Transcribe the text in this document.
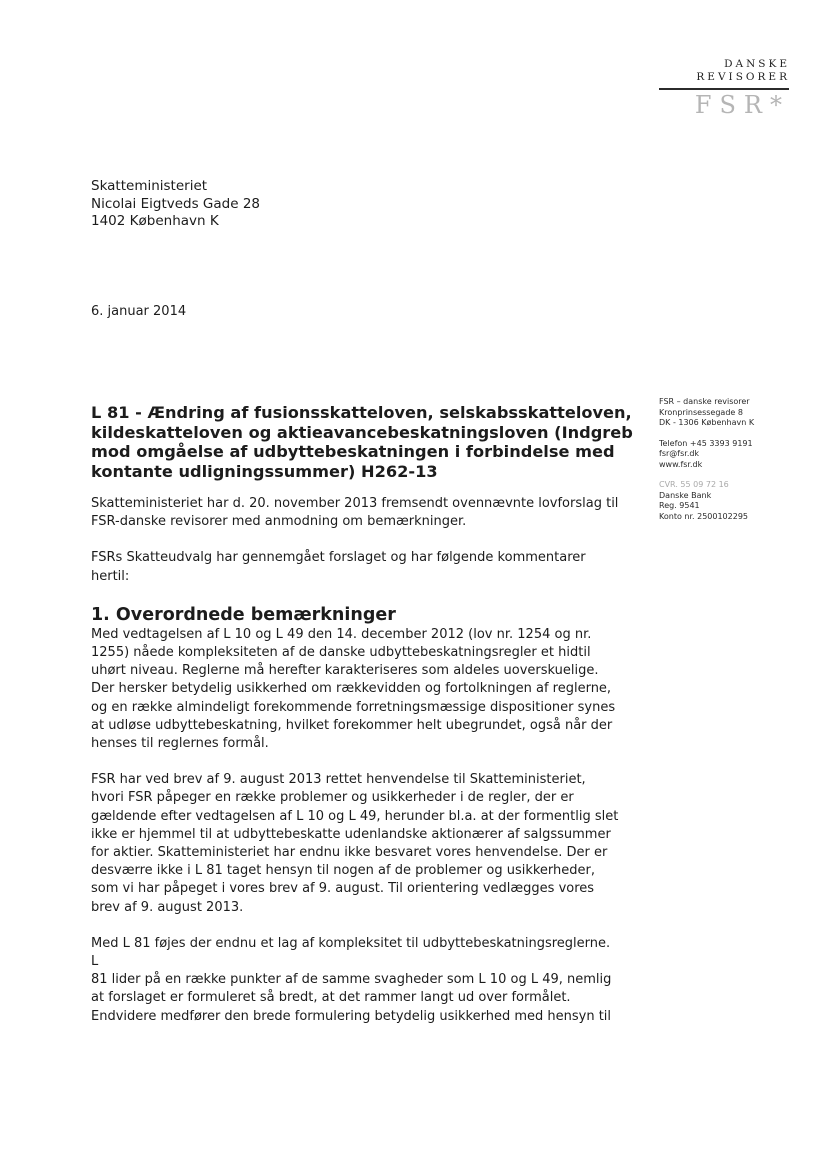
DANSKE
REVISORER
FSR*
Skatteministeriet
Nicolai Eigtveds Gade 28
1402 København K
6. januar 2014
L 81 - Ændring af fusionsskatteloven, selskabsskatteloven, kildeskatteloven og aktieavancebeskatningsloven (Indgreb mod omgåelse af udbyttebeskatningen i forbindelse med kontante udligningssummer) H262-13
FSR – danske revisorer
Kronprinsessegade 8
DK - 1306 København K
Telefon +45 3393 9191
fsr@fsr.dk
www.fsr.dk
CVR. 55 09 72 16
Danske Bank
Reg. 9541
Konto nr. 2500102295

Skatteministeriet har d. 20. november 2013 fremsendt ovennævnte lovforslag til
FSR-danske revisorer med anmodning om bemærkninger.

FSRs Skatteudvalg har gennemgået forslaget og har følgende kommentarer
hertil:

1. Overordnede bemærkninger

Med vedtagelsen af L 10 og L 49 den 14. december 2012 (lov nr. 1254 og nr.
1255) nåede kompleksiteten af de danske udbyttebeskatningsregler et hidtil
uhørt niveau. Reglerne må herefter karakteriseres som aldeles uoverskuelige.
Der hersker betydelig usikkerhed om rækkevidden og fortolkningen af reglerne,
og en række almindeligt forekommende forretningsmæssige dispositioner synes
at udløse udbyttebeskatning, hvilket forekommer helt ubegrundet, også når der
henses til reglernes formål.

FSR har ved brev af 9. august 2013 rettet henvendelse til Skatteministeriet,
hvori FSR påpeger en række problemer og usikkerheder i de regler, der er
gældende efter vedtagelsen af L 10 og L 49, herunder bl.a. at der formentlig slet
ikke er hjemmel til at udbyttebeskatte udenlandske aktionærer af salgssummer
for aktier. Skatteministeriet har endnu ikke besvaret vores henvendelse. Der er
desværre ikke i L 81 taget hensyn til nogen af de problemer og usikkerheder,
som vi har påpeget i vores brev af 9. august. Til orientering vedlægges vores
brev af 9. august 2013.

Med L 81 føjes der endnu et lag af kompleksitet til udbyttebeskatningsreglerne. L
81 lider på en række punkter af de samme svagheder som L 10 og L 49, nemlig
at forslaget er formuleret så bredt, at det rammer langt ud over formålet.
Endvidere medfører den brede formulering betydelig usikkerhed med hensyn til
